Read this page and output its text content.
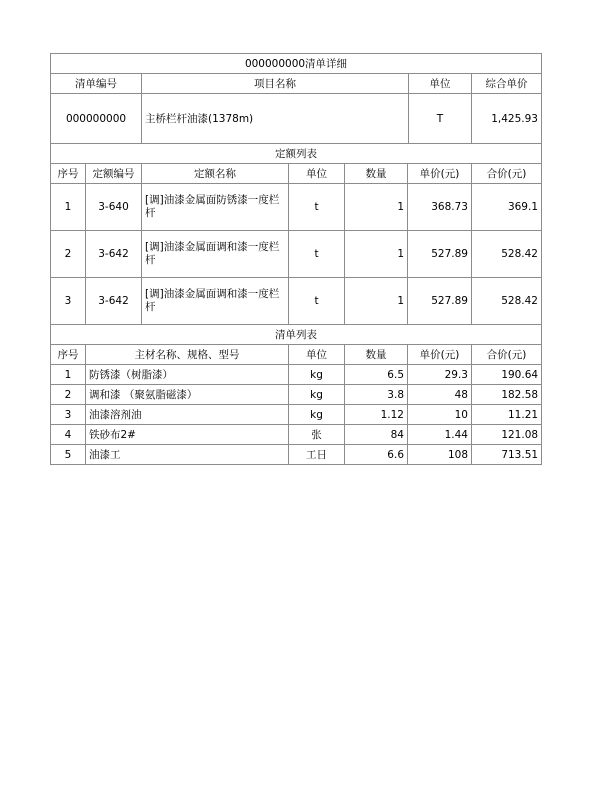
000000000清单详细			
清单编号	项目名称	单位	综合单价
000000000	主桥栏杆油漆(1378m)	T	1,425.93
定额列表						
序号	定额编号	定额名称	单位	数量	单价(元)	合价(元)
1	3-640	[调]油漆金属面防锈漆一度栏杆	t	1	368.73	369.1
2	3-642	[调]油漆金属面调和漆一度栏杆	t	1	527.89	528.42
3	3-642	[调]油漆金属面调和漆一度栏杆	t	1	527.89	528.42
清单列表					
序号	主材名称、规格、型号	单位	数量	单价(元)	合价(元)
1	防锈漆（树脂漆）	kg	6.5	29.3	190.64
2	调和漆 （聚氨脂磁漆）	kg	3.8	48	182.58
3	油漆溶剂油	kg	1.12	10	11.21
4	铁砂布2#	张	84	1.44	121.08
5	油漆工	工日	6.6	108	713.51
